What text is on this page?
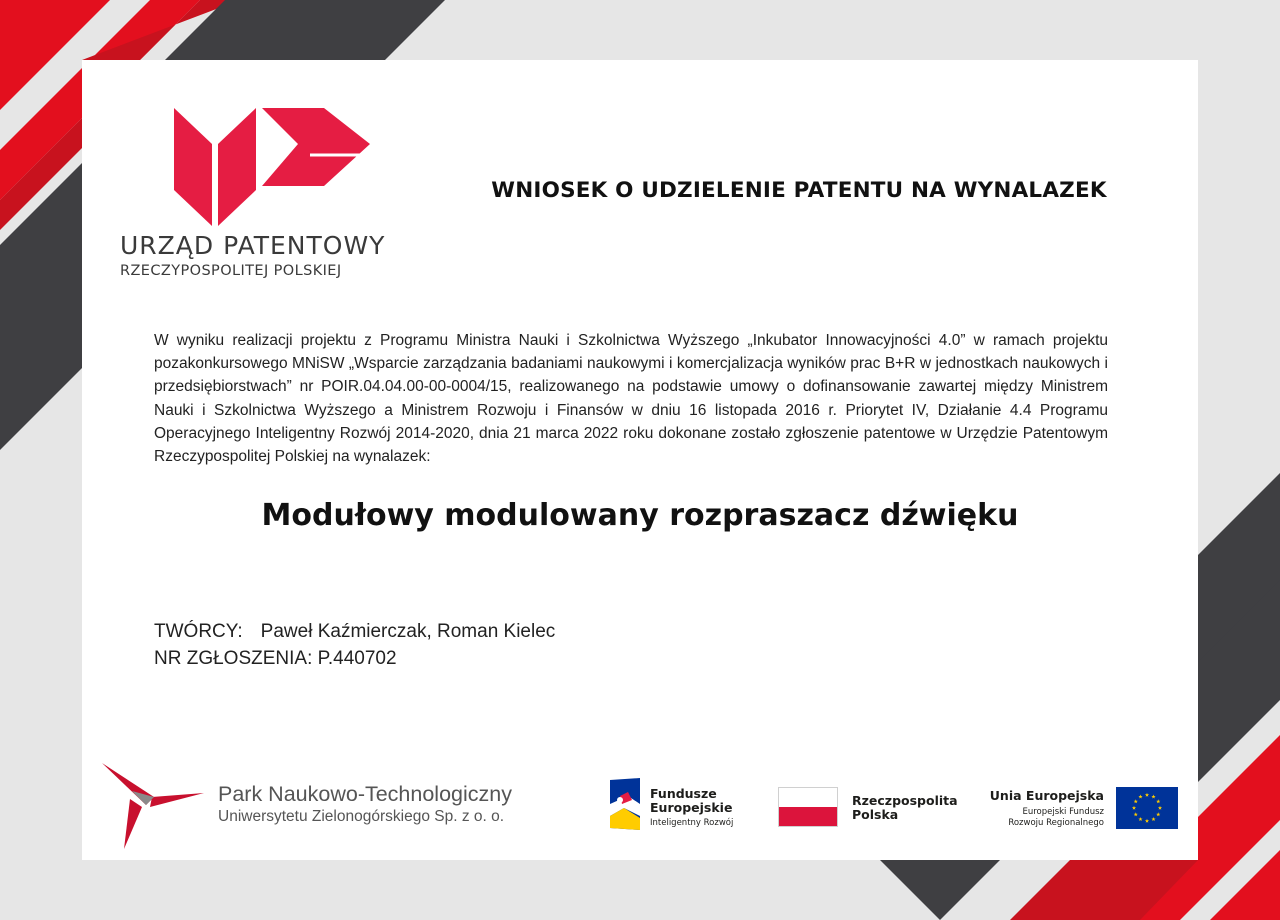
URZĄD PATENTOWY
RZECZYPOSPOLITEJ POLSKIEJ
WNIOSEK O UDZIELENIE PATENTU NA WYNALAZEK
W wyniku realizacji projektu z Programu Ministra Nauki i Szkolnictwa Wyższego „Inkubator Innowacyjności 4.0” w ramach projektu pozakonkursowego MNiSW „Wsparcie zarządzania badaniami naukowymi i komercjalizacja wyników prac B+R w jednostkach naukowych i przedsiębiorstwach” nr POIR.04.04.00-00-0004/15, realizowanego na podstawie umowy o dofinansowanie zawartej między Ministrem Nauki i Szkolnictwa Wyższego a Ministrem Rozwoju i Finansów w dniu 16 listopada 2016 r. Priorytet IV, Działanie 4.4 Programu Operacyjnego Inteligentny Rozwój 2014-2020, dnia 21 marca 2022 roku dokonane zostało zgłoszenie patentowe w Urzędzie Patentowym Rzeczypospolitej Polskiej na wynalazek:
Modułowy modulowany rozpraszacz dźwięku
TWÓRCY: Paweł Kaźmierczak, Roman Kielec
NR ZGŁOSZENIA: P.440702
Park Naukowo-Technologiczny
Uniwersytetu Zielonogórskiego Sp. z o. o.
Fundusze
Europejskie
Inteligentny Rozwój
Rzeczpospolita
Polska
Unia Europejska
Europejski Fundusz
Rozwoju Regionalnego
